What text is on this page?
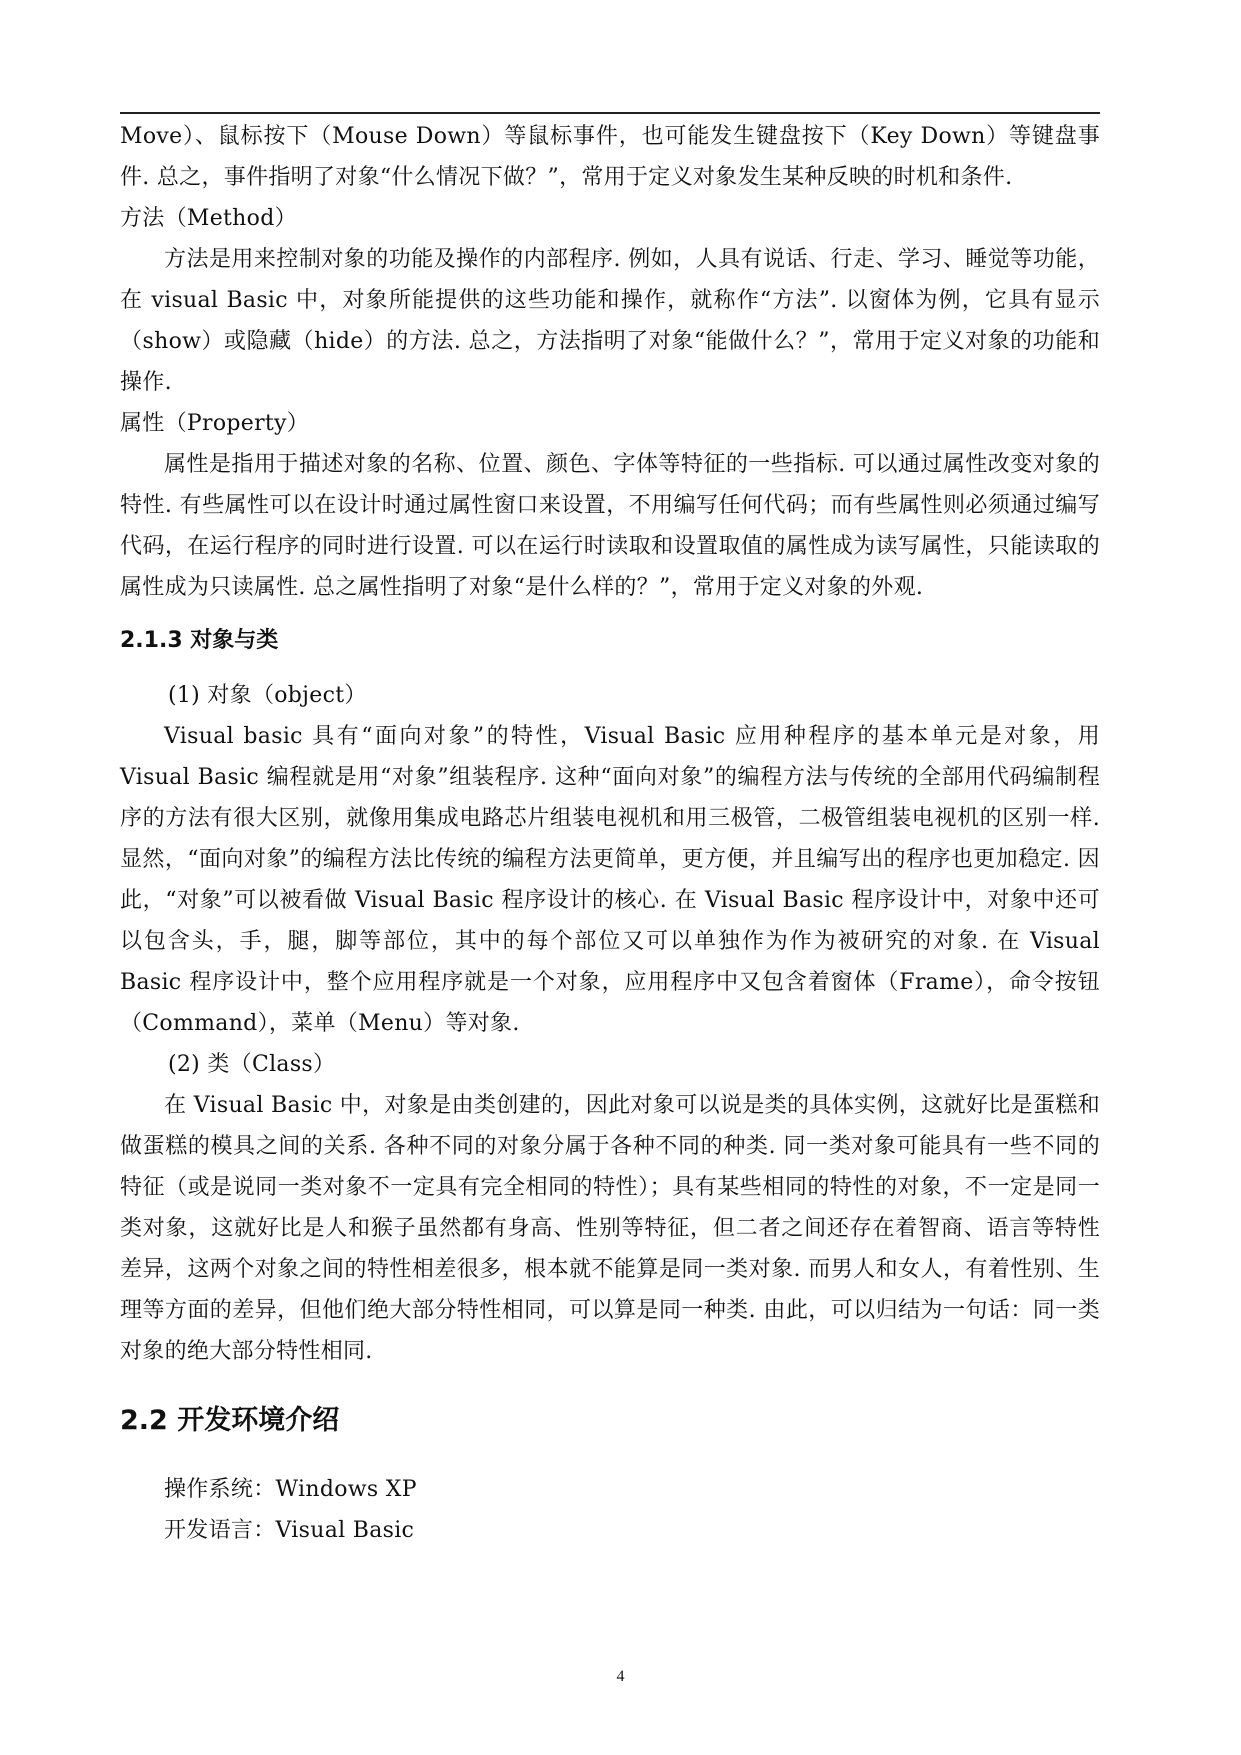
Move）、鼠标按下（Mouse Down）等鼠标事件，也可能发生键盘按下（Key Down）等键盘事件. 总之，事件指明了对象“什么情况下做？”，常用于定义对象发生某种反映的时机和条件.

方法（Method）

方法是用来控制对象的功能及操作的内部程序. 例如，人具有说话、行走、学习、睡觉等功能，在 visual Basic 中，对象所能提供的这些功能和操作，就称作“方法”. 以窗体为例，它具有显示（show）或隐藏（hide）的方法. 总之，方法指明了对象“能做什么？”，常用于定义对象的功能和操作.

属性（Property）

属性是指用于描述对象的名称、位置、颜色、字体等特征的一些指标. 可以通过属性改变对象的特性. 有些属性可以在设计时通过属性窗口来设置，不用编写任何代码；而有些属性则必须通过编写代码，在运行程序的同时进行设置. 可以在运行时读取和设置取值的属性成为读写属性，只能读取的属性成为只读属性. 总之属性指明了对象“是什么样的？”，常用于定义对象的外观.

2.1.3 对象与类

(1) 对象（object）

Visual basic 具有“面向对象”的特性，Visual Basic 应用种程序的基本单元是对象，用 Visual Basic 编程就是用“对象”组装程序. 这种“面向对象”的编程方法与传统的全部用代码编制程序的方法有很大区别，就像用集成电路芯片组装电视机和用三极管，二极管组装电视机的区别一样. 显然，“面向对象”的编程方法比传统的编程方法更简单，更方便，并且编写出的程序也更加稳定. 因此，“对象”可以被看做 Visual Basic 程序设计的核心. 在 Visual Basic 程序设计中，对象中还可以包含头，手，腿，脚等部位，其中的每个部位又可以单独作为作为被研究的对象. 在 Visual Basic 程序设计中，整个应用程序就是一个对象，应用程序中又包含着窗体（Frame），命令按钮（Command），菜单（Menu）等对象.

(2) 类（Class）

在 Visual Basic 中，对象是由类创建的，因此对象可以说是类的具体实例，这就好比是蛋糕和做蛋糕的模具之间的关系. 各种不同的对象分属于各种不同的种类. 同一类对象可能具有一些不同的特征（或是说同一类对象不一定具有完全相同的特性）；具有某些相同的特性的对象，不一定是同一类对象，这就好比是人和猴子虽然都有身高、性别等特征，但二者之间还存在着智商、语言等特性差异，这两个对象之间的特性相差很多，根本就不能算是同一类对象. 而男人和女人，有着性别、生理等方面的差异，但他们绝大部分特性相同，可以算是同一种类. 由此，可以归结为一句话：同一类对象的绝大部分特性相同.

2.2 开发环境介绍

操作系统：Windows XP

开发语言：Visual Basic

4
